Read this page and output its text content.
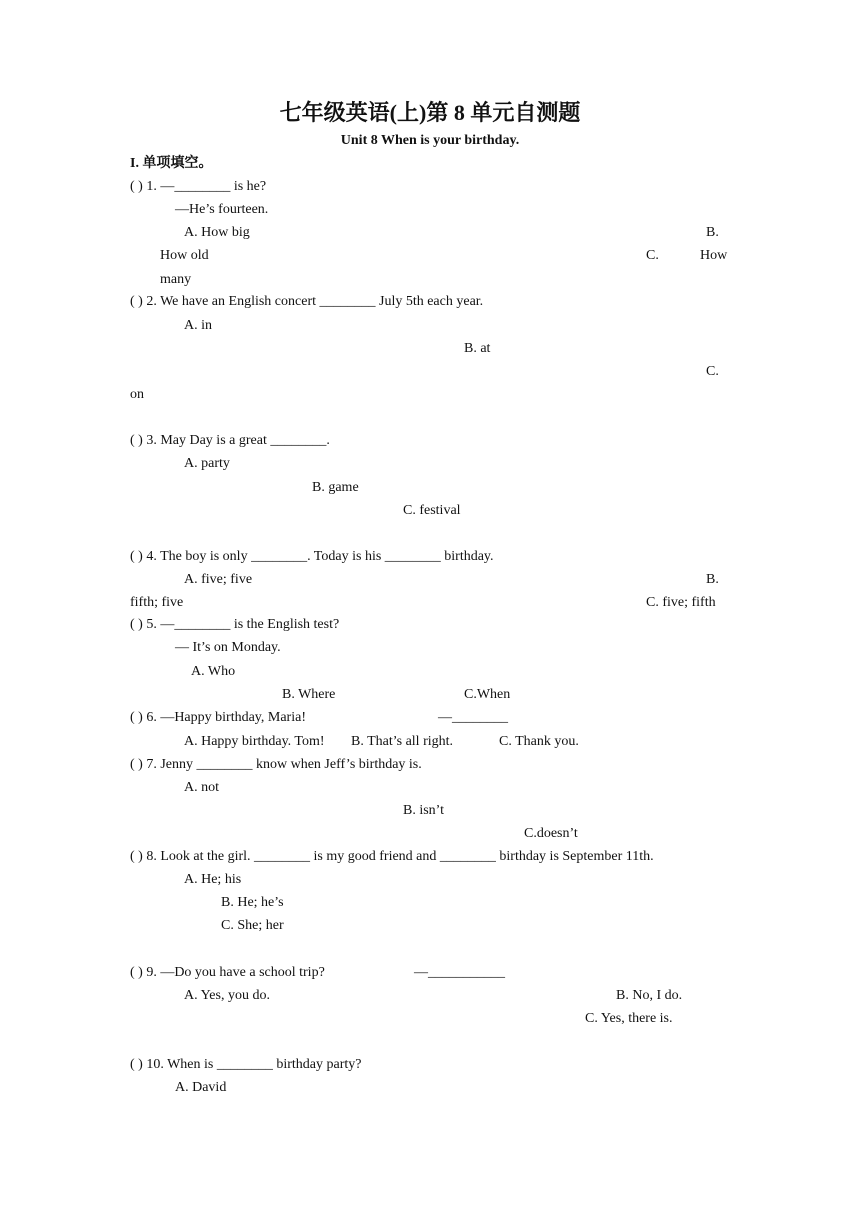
七年级英语(上)第 8 单元自测题
Unit 8 When is your birthday.
I. 单项填空。
( ) 1. —________ is he?
—He’s fourteen.
A. How big	B.
How old	C.	How
many
( ) 2. We have an English concert ________ July 5th each year.
A. in
B. at
C.
on
( ) 3. May Day is a great ________.
A. party
B. game
C. festival
( ) 4. The boy is only ________. Today is his ________ birthday.
A. five; five	B.
fifth; five	C. five; fifth
( ) 5. —________ is the English test?
— It’s on Monday.
A. Who
B. Where	C.When
( ) 6. —Happy birthday, Maria!	—________
A. Happy birthday. Tom! B. That’s all right.	C. Thank you.
( ) 7. Jenny ________ know when Jeff’s birthday is.
A. not
B. isn’t
C.doesn’t
( ) 8. Look at the girl. ________ is my good friend and ________ birthday is September 11th.
A. He; his
B. He; he’s
C. She; her
( ) 9. —Do you have a school trip?	—___________
A. Yes, you do.	B. No, I do.
C. Yes, there is.
( ) 10. When is ________ birthday party?
A. David
